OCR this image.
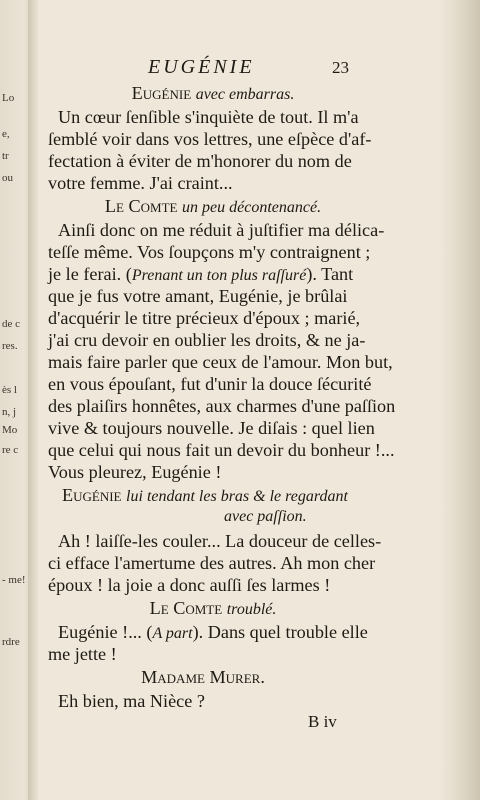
Lo
e,
tr
ou
de c
res.
ès l
n, j
Mo
re c
- me!
rdre
EUGÉNIE	23
Eugénie avec embarras.
Un cœur ſenſible s'inquiète de tout. Il m'a
ſemblé voir dans vos lettres, une eſpèce d'af-
fectation à éviter de m'honorer du nom de
votre femme. J'ai craint...
Le Comte un peu décontenancé.
Ainſi donc on me réduit à juſtifier ma délica-
teſſe même. Vos ſoupçons m'y contraignent ;
je le ferai. (Prenant un ton plus raſſuré). Tant
que je fus votre amant, Eugénie, je brûlai
d'acquérir le titre précieux d'époux ; marié,
j'ai cru devoir en oublier les droits, & ne ja-
mais faire parler que ceux de l'amour. Mon but,
en vous épouſant, fut d'unir la douce ſécurité
des plaiſirs honnêtes, aux charmes d'une paſſion
vive & toujours nouvelle. Je diſais : quel lien
que celui qui nous fait un devoir du bonheur !...
Vous pleurez, Eugénie !
Eugénie lui tendant les bras & le regardant
avec paſſion.
Ah ! laiſſe-les couler... La douceur de celles-
ci efface l'amertume des autres. Ah mon cher
époux ! la joie a donc auſſi ſes larmes !
Le Comte troublé.
Eugénie !... (A part). Dans quel trouble elle
me jette !
Madame Murer.
Eh bien, ma Nièce ?
B iv
